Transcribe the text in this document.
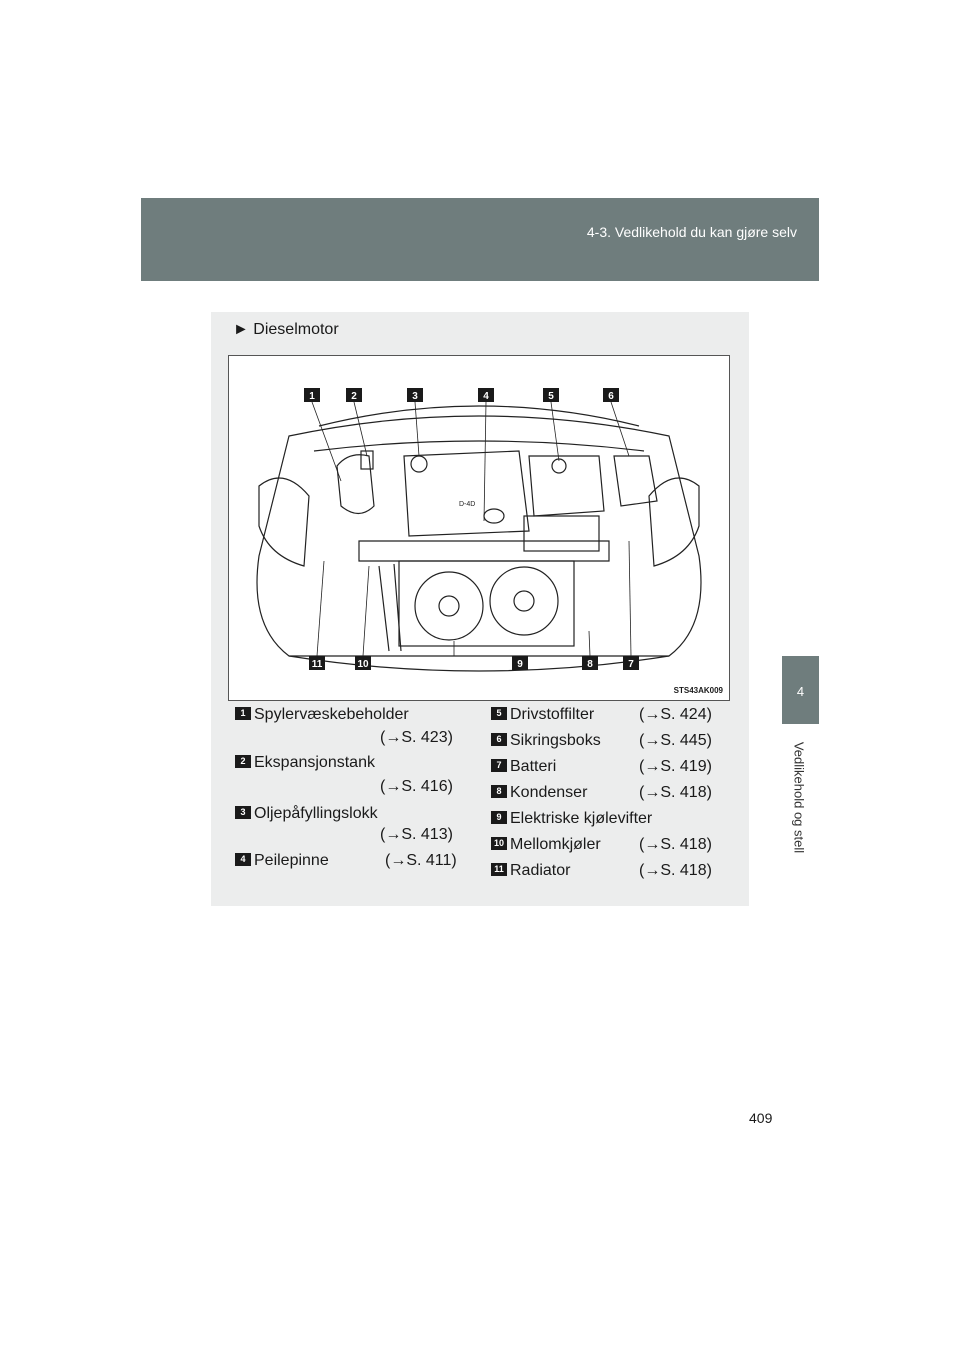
4-3. Vedlikehold du kan gjøre selv
4
Vedlikehold og stell
► Dieselmotor
D-4D
1	2	3	4	5	6
11	10	9	8	7
STS43AK009
1 Spylervæskebeholder
(→S. 423)
2 Ekspansjonstank
(→S. 416)
3 Oljepåfyllingslokk
(→S. 413)
4 Peilepinne	(→S. 411)
5 Drivstoffilter	(→S. 424)
6 Sikringsboks (→S. 445)
7 Batteri	(→S. 419)
8 Kondenser	(→S. 418)
9 Elektriske kjølevifter
10 Mellomkjøler (→S. 418)
11 Radiator	(→S. 418)
409
